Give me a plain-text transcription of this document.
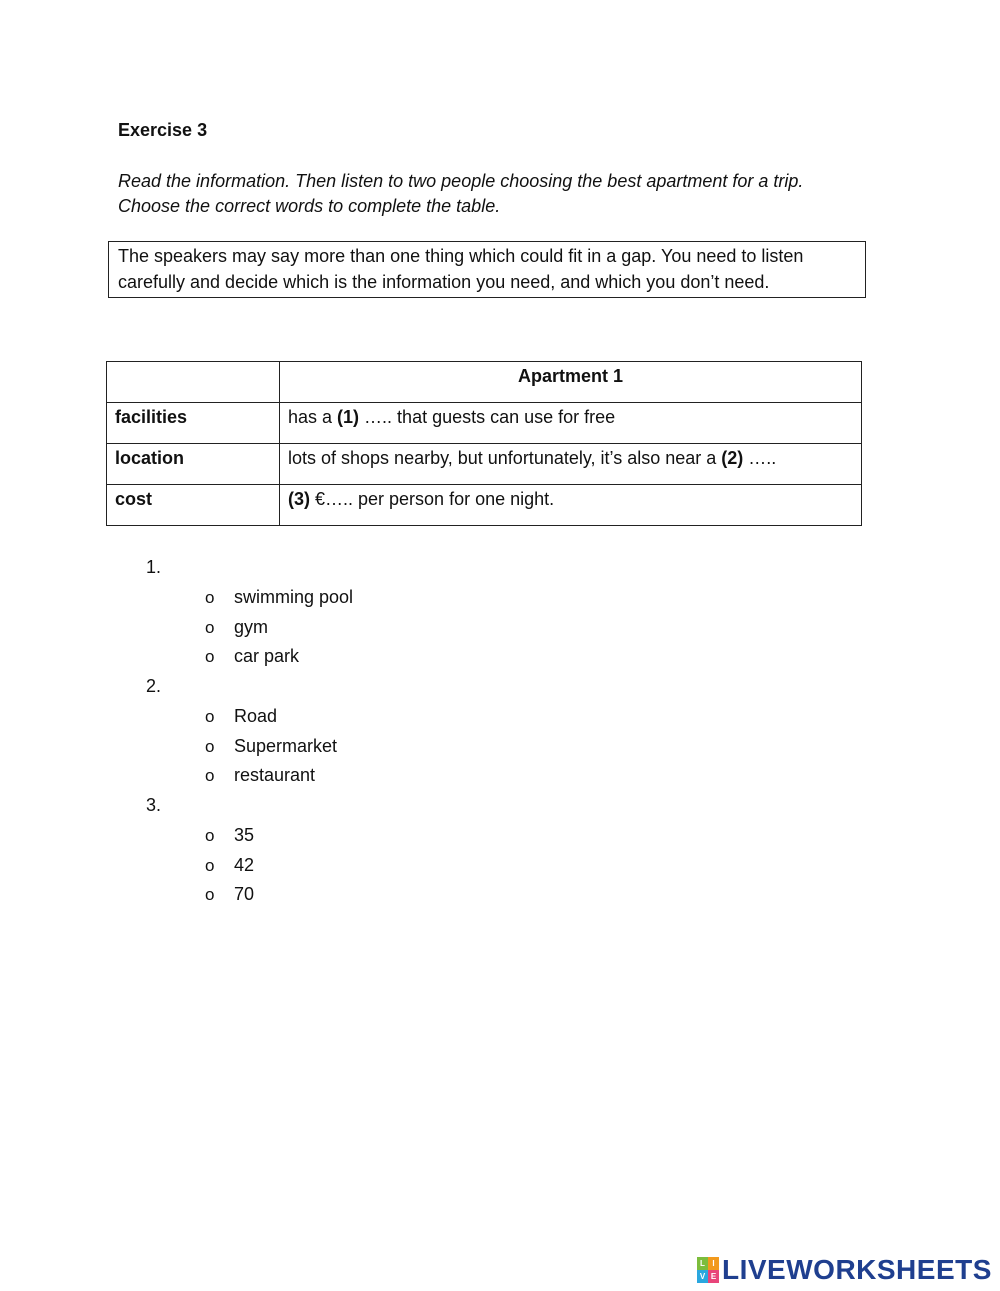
Exercise 3
Read the information. Then listen to two people choosing the best apartment for a trip.
Choose the correct words to complete the table.
The speakers may say more than one thing which could fit in a gap. You need to listen carefully and decide which is the information you need, and which you don’t need.
	Apartment 1
facilities	has a (1) ….. that guests can use for free
location	lots of shops nearby, but unfortunately, it’s also near a (2) …..
cost	(3) €….. per person for one night.
1.
o swimming pool
o gym
o car park
2.
o Road
o Supermarket
o restaurant
3.
o 35
o 42
o 70
L I
V E LIVEWORKSHEETS
